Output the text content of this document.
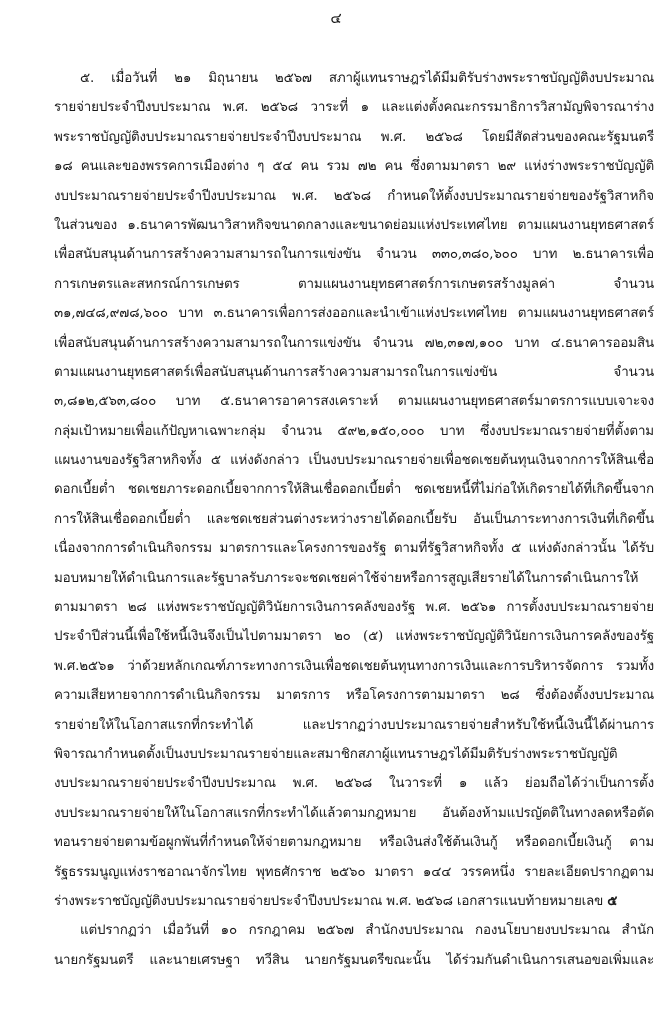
๔
๕. เมื่อวันที่ ๒๑ มิถุนายน ๒๕๖๗ สภาผู้แทนราษฎรได้มีมติรับร่างพระราชบัญญัติงบประมาณ
รายจ่ายประจำปีงบประมาณ พ.ศ. ๒๕๖๘ วาระที่ ๑ และแต่งตั้งคณะกรรมาธิการวิสามัญพิจารณาร่าง
พระราชบัญญัติงบประมาณรายจ่ายประจำปีงบประมาณ พ.ศ. ๒๕๖๘ โดยมีสัดส่วนของคณะรัฐมนตรี
๑๘ คนและของพรรคการเมืองต่าง ๆ ๕๔ คน รวม ๗๒ คน ซึ่งตามมาตรา ๒๙ แห่งร่างพระราชบัญญัติ
งบประมาณรายจ่ายประจำปีงบประมาณ พ.ศ. ๒๕๖๘ กำหนดให้ตั้งงบประมาณรายจ่ายของรัฐวิสาหกิจ
ในส่วนของ ๑.ธนาคารพัฒนาวิสาหกิจขนาดกลางและขนาดย่อมแห่งประเทศไทย ตามแผนงานยุทธศาสตร์
เพื่อสนับสนุนด้านการสร้างความสามารถในการแข่งขัน จำนวน ๓๓๐,๓๘๐,๖๐๐ บาท ๒.ธนาคารเพื่อ
การเกษตรและสหกรณ์การเกษตร ตามแผนงานยุทธศาสตร์การเกษตรสร้างมูลค่า จำนวน
๓๑,๗๔๘,๙๗๘,๖๐๐ บาท ๓.ธนาคารเพื่อการส่งออกและนำเข้าแห่งประเทศไทย ตามแผนงานยุทธศาสตร์
เพื่อสนับสนุนด้านการสร้างความสามารถในการแข่งขัน จำนวน ๗๒,๓๑๗,๑๐๐ บาท ๔.ธนาคารออมสิน
ตามแผนงานยุทธศาสตร์เพื่อสนับสนุนด้านการสร้างความสามารถในการแข่งขัน จำนวน
๓,๘๑๒,๕๖๓,๘๐๐ บาท ๕.ธนาคารอาคารสงเคราะห์ ตามแผนงานยุทธศาสตร์มาตรการแบบเจาะจง
กลุ่มเป้าหมายเพื่อแก้ปัญหาเฉพาะกลุ่ม จำนวน ๕๙๒,๑๕๐,๐๐๐ บาท ซึ่งงบประมาณรายจ่ายที่ตั้งตาม
แผนงานของรัฐวิสาหกิจทั้ง ๕ แห่งดังกล่าว เป็นงบประมาณรายจ่ายเพื่อชดเชยต้นทุนเงินจากการให้สินเชื่อ
ดอกเบี้ยต่ำ ชดเชยภาระดอกเบี้ยจากการให้สินเชื่อดอกเบี้ยต่ำ ชดเชยหนี้ที่ไม่ก่อให้เกิดรายได้ที่เกิดขึ้นจาก
การให้สินเชื่อดอกเบี้ยต่ำ และชดเชยส่วนต่างระหว่างรายได้ดอกเบี้ยรับ อันเป็นภาระทางการเงินที่เกิดขึ้น
เนื่องจากการดำเนินกิจกรรม มาตรการและโครงการของรัฐ ตามที่รัฐวิสาหกิจทั้ง ๕ แห่งดังกล่าวนั้น ได้รับ
มอบหมายให้ดำเนินการและรัฐบาลรับภาระจะชดเชยค่าใช้จ่ายหรือการสูญเสียรายได้ในการดำเนินการให้
ตามมาตรา ๒๘ แห่งพระราชบัญญัติวินัยการเงินการคลังของรัฐ พ.ศ. ๒๕๖๑ การตั้งงบประมาณรายจ่าย
ประจำปีส่วนนี้เพื่อใช้หนี้เงินจึงเป็นไปตามมาตรา ๒๐ (๕) แห่งพระราชบัญญัติวินัยการเงินการคลังของรัฐ
พ.ศ.๒๕๖๑ ว่าด้วยหลักเกณฑ์ภาระทางการเงินเพื่อชดเชยต้นทุนทางการเงินและการบริหารจัดการ รวมทั้ง
ความเสียหายจากการดำเนินกิจกรรม มาตรการ หรือโครงการตามมาตรา ๒๘ ซึ่งต้องตั้งงบประมาณ
รายจ่ายให้ในโอกาสแรกที่กระทำได้ และปรากฏว่างบประมาณรายจ่ายสำหรับใช้หนี้เงินนี้ได้ผ่านการ
พิจารณากำหนดตั้งเป็นงบประมาณรายจ่ายและสมาชิกสภาผู้แทนราษฎรได้มีมติรับร่างพระราชบัญญัติ
งบประมาณรายจ่ายประจำปีงบประมาณ พ.ศ. ๒๕๖๘ ในวาระที่ ๑ แล้ว ย่อมถือได้ว่าเป็นการตั้ง
งบประมาณรายจ่ายให้ในโอกาสแรกที่กระทำได้แล้วตามกฎหมาย อันต้องห้ามแปรญัตติในทางลดหรือตัด
ทอนรายจ่ายตามข้อผูกพันที่กำหนดให้จ่ายตามกฎหมาย หรือเงินส่งใช้ต้นเงินกู้ หรือดอกเบี้ยเงินกู้ ตาม
รัฐธรรมนูญแห่งราชอาณาจักรไทย พุทธศักราช ๒๕๖๐ มาตรา ๑๔๔ วรรคหนึ่ง รายละเอียดปรากฏตาม
ร่างพระราชบัญญัติงบประมาณรายจ่ายประจำปีงบประมาณ พ.ศ. ๒๕๖๘ เอกสารแนบท้ายหมายเลข ๕
แต่ปรากฏว่า เมื่อวันที่ ๑๐ กรกฎาคม ๒๕๖๗ สำนักงบประมาณ กองนโยบายงบประมาณ สำนัก
นายกรัฐมนตรี และนายเศรษฐา ทวีสิน นายกรัฐมนตรีขณะนั้น ได้ร่วมกันดำเนินการเสนอขอเพิ่มและ
